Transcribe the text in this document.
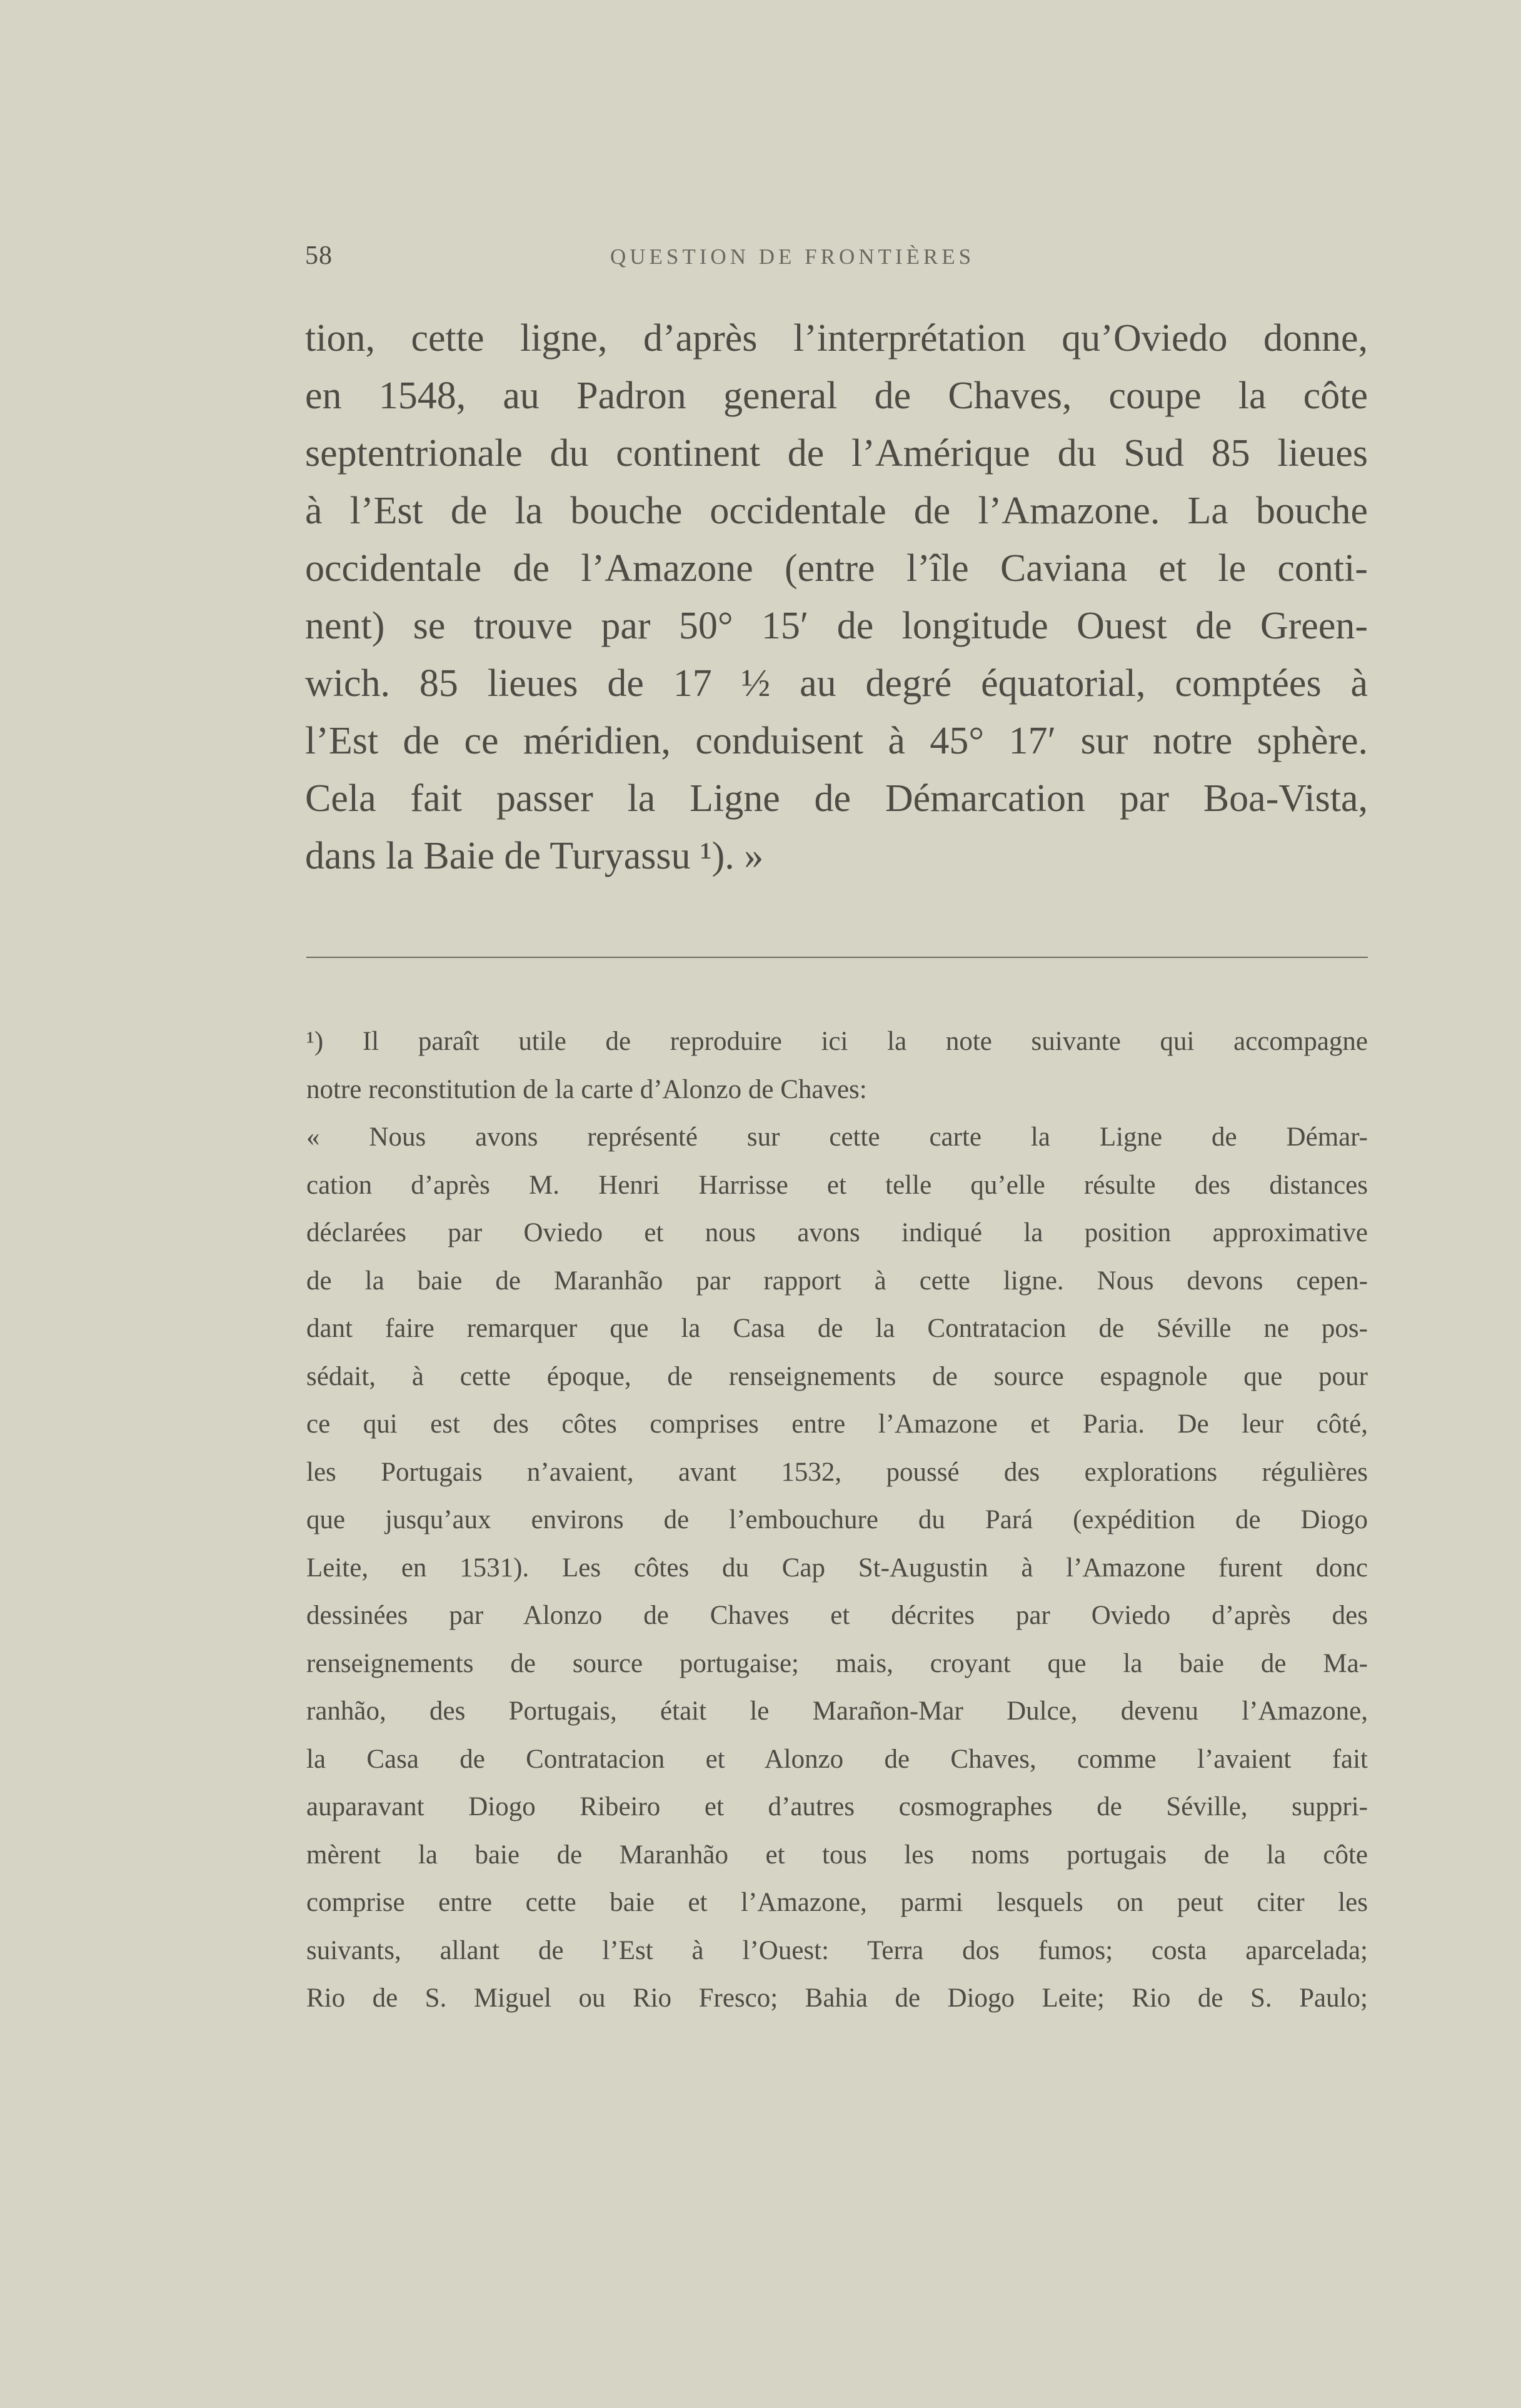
58	QUESTION DE FRONTIÈRES
tion, cette ligne, d’après l’interprétation qu’Oviedo donne,
en 1548, au Padron general de Chaves, coupe la côte
septentrionale du continent de l’Amérique du Sud 85 lieues
à l’Est de la bouche occidentale de l’Amazone. La bouche
occidentale de l’Amazone (entre l’île Caviana et le conti-
nent) se trouve par 50° 15′ de longitude Ouest de Green-
wich. 85 lieues de 17 ½ au degré équatorial, comptées à
l’Est de ce méridien, conduisent à 45° 17′ sur notre sphère.
Cela fait passer la Ligne de Démarcation par Boa-Vista,
dans la Baie de Turyassu ¹). »
¹) Il paraît utile de reproduire ici la note suivante qui accompagne
notre reconstitution de la carte d’Alonzo de Chaves:
« Nous avons représenté sur cette carte la Ligne de Démar-
cation d’après M. Henri Harrisse et telle qu’elle résulte des distances
déclarées par Oviedo et nous avons indiqué la position approximative
de la baie de Maranhão par rapport à cette ligne. Nous devons cepen-
dant faire remarquer que la Casa de la Contratacion de Séville ne pos-
sédait, à cette époque, de renseignements de source espagnole que pour
ce qui est des côtes comprises entre l’Amazone et Paria. De leur côté,
les Portugais n’avaient, avant 1532, poussé des explorations régulières
que jusqu’aux environs de l’embouchure du Pará (expédition de Diogo
Leite, en 1531). Les côtes du Cap St-Augustin à l’Amazone furent donc
dessinées par Alonzo de Chaves et décrites par Oviedo d’après des
renseignements de source portugaise; mais, croyant que la baie de Ma-
ranhão, des Portugais, était le Marañon-Mar Dulce, devenu l’Amazone,
la Casa de Contratacion et Alonzo de Chaves, comme l’avaient fait
auparavant Diogo Ribeiro et d’autres cosmographes de Séville, suppri-
mèrent la baie de Maranhão et tous les noms portugais de la côte
comprise entre cette baie et l’Amazone, parmi lesquels on peut citer les
suivants, allant de l’Est à l’Ouest: Terra dos fumos; costa aparcelada;
Rio de S. Miguel ou Rio Fresco; Bahia de Diogo Leite; Rio de S. Paulo;
